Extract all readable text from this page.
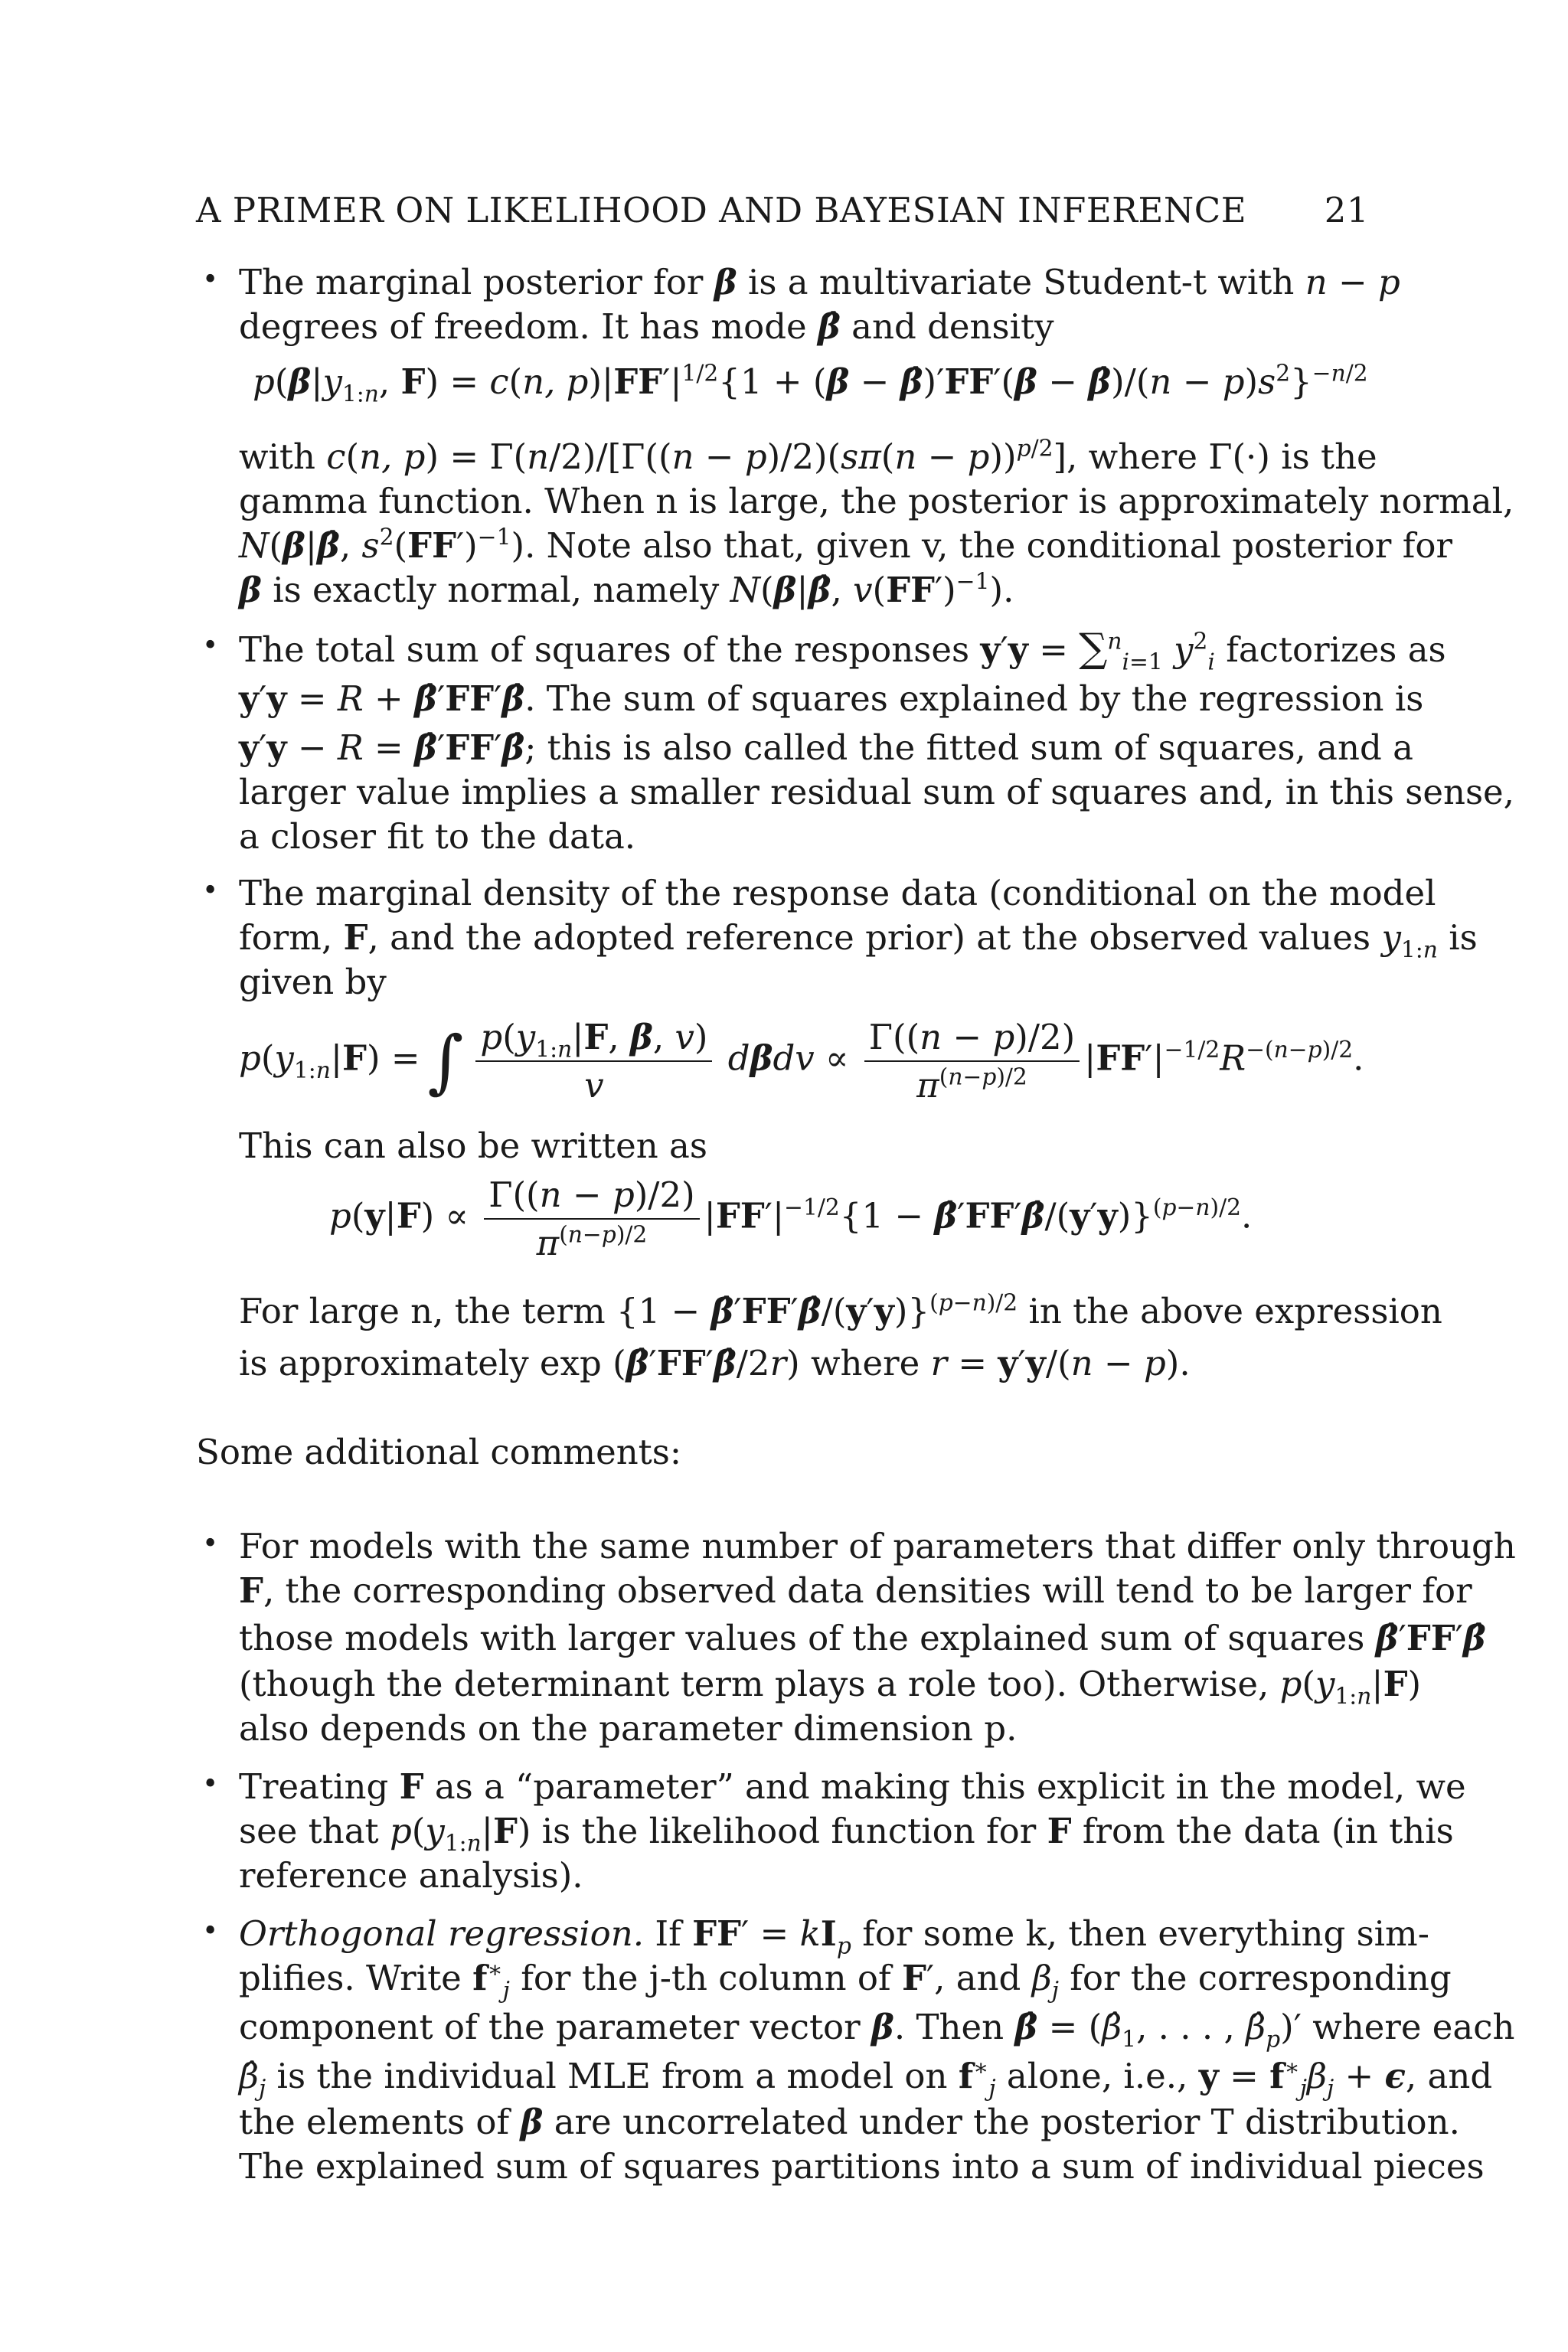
A PRIMER ON LIKELIHOOD AND BAYESIAN INFERENCE 21
• The marginal posterior for β is a multivariate Student-t with n − p
degrees of freedom. It has mode β̂ and density
$p(\beta|y_{1:n}$, F) = c(n, $p)|FF'|^{1/2}\{1 + (\beta$ − β̂)′FF′(β − β̂)/(n − $p)s^2\}^{-n/2}$
with c(n, $p) = \Gamma(n/2)/[\Gamma((n - p)/2)(s\pi(n - p))^{p/2}]$, where Γ(·) is the
gamma function. When n is large, the posterior is approximately normal,
N(β|β̂, $s^2(FF')^{-1}$). Note also that, given v, the conditional posterior for
β is exactly normal, namely N(β|β̂, $v(FF')^{-1}$).
• The total sum of squares of the responses y′y = ∑$^n_{i=1}$ $y^2_i$ factorizes as
y′y = R + β̂′FF′β̂. The sum of squares explained by the regression is
y′y − R = β̂′FF′β̂; this is also called the fitted sum of squares, and a
larger value implies a smaller residual sum of squares and, in this sense,
a closer fit to the data.
• The marginal density of the response data (conditional on the model
form, F, and the adopted reference prior) at the observed values $y_{1:n}$ is
given by
$p(y_{1:n}|F)$ = ∫ $\frac{p(y_{1:n}|F, \beta, v)}{v}$ $d\beta dv \propto \frac{\Gamma((n - p)/2)}{\pi^{(n-p)/2}} |FF'|^{-1/2}R^{-(n-p)/2}$.
This can also be written as
$p(y|F) \propto \frac{\Gamma((n - p)/2)}{\pi^{(n-p)/2}} |FF'|^{-1/2}\{1$ − β̂′FF′β̂/(y′y)}$^{(p-n)/2}$.
For large n, the term {1 − β̂′FF′β̂/(y′y)}$^{(p-n)/2}$ in the above expression
is approximately exp (β̂′FF′β̂/2r) where r = y′y/(n − p).
Some additional comments:
• For models with the same number of parameters that differ only through
F, the corresponding observed data densities will tend to be larger for
those models with larger values of the explained sum of squares β̂′FF′β̂
(though the determinant term plays a role too). Otherwise, $p(y_{1:n}|F)$
also depends on the parameter dimension p.
• Treating F as a “parameter” and making this explicit in the model, we
see that $p(y_{1:n}|F)$ is the likelihood function for F from the data (in this
reference analysis).
• Orthogonal regression. If $FF' = kI_p$ for some k, then everything sim-
plifies. Write $f^∗_j$ for the j-th column of F′, and $\beta_j$ for the corresponding
component of the parameter vector β. Then β̂ = ($\betâ_1$, . . . , $\betâ_p)'$ where each
$\betâ_j$ is the individual MLE from a model on $f^∗_j$ alone, i.e., $y = f^∗_j\beta_j + \epsilon$, and
the elements of β are uncorrelated under the posterior T distribution.
The explained sum of squares partitions into a sum of individual pieces
